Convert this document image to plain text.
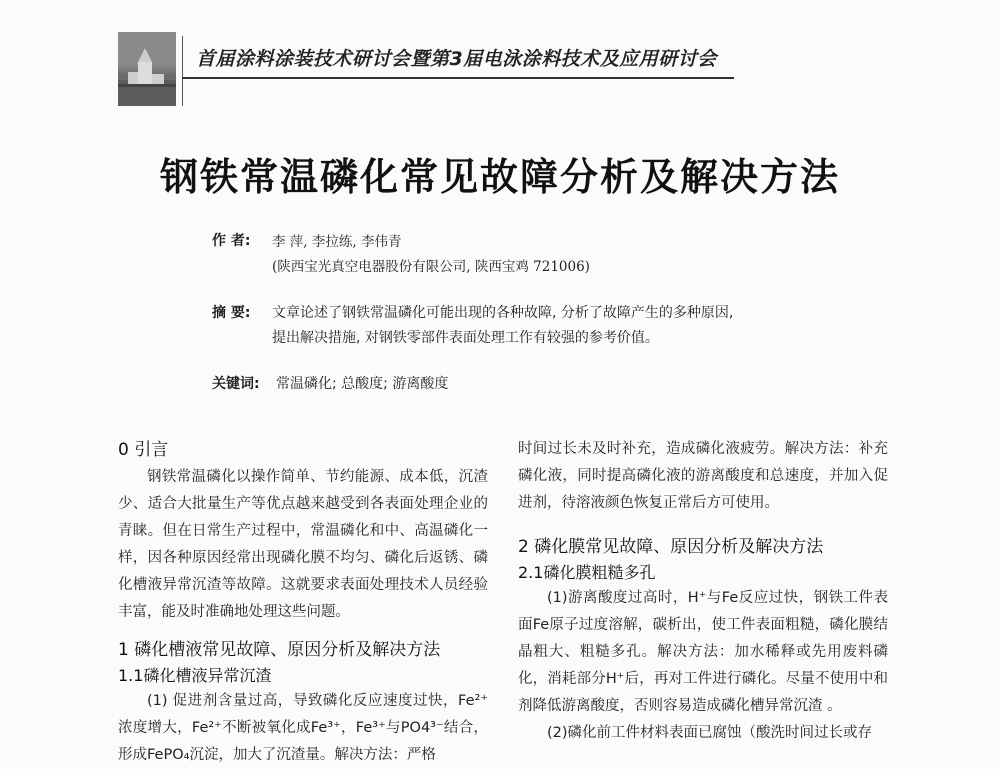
首届涂料涂装技术研讨会暨第3届电泳涂料技术及应用研讨会
钢铁常温磷化常见故障分析及解决方法
作 者: 李 萍, 李拉练, 李伟青
(陕西宝光真空电器股份有限公司, 陕西宝鸡 721006)
摘 要: 文章论述了钢铁常温磷化可能出现的各种故障, 分析了故障产生的多种原因,
提出解决措施, 对钢铁零部件表面处理工作有较强的参考价值。
关键词: 常温磷化; 总酸度; 游离酸度
0 引言

钢铁常温磷化以操作简单、节约能源、成本低，沉渣少、适合大批量生产等优点越来越受到各表面处理企业的青睐。但在日常生产过程中，常温磷化和中、高温磷化一样，因各种原因经常出现磷化膜不均匀、磷化后返锈、磷化槽液异常沉渣等故障。这就要求表面处理技术人员经验丰富，能及时准确地处理这些问题。

1 磷化槽液常见故障、原因分析及解决方法
1.1磷化槽液异常沉渣

(1) 促进剂含量过高，导致磷化反应速度过快，Fe²⁺浓度增大，Fe²⁺不断被氧化成Fe³⁺，Fe³⁺与PO4³⁻结合，形成FePO₄沉淀，加大了沉渣量。解决方法：严格

时间过长未及时补充，造成磷化液疲劳。解决方法：补充磷化液，同时提高磷化液的游离酸度和总速度，并加入促进剂，待溶液颜色恢复正常后方可使用。

2 磷化膜常见故障、原因分析及解决方法
2.1磷化膜粗糙多孔

(1)游离酸度过高时，H⁺与Fe反应过快，钢铁工件表面Fe原子过度溶解，碳析出，使工件表面粗糙，磷化膜结晶粗大、粗糙多孔。解决方法：加水稀释或先用废料磷化，消耗部分H⁺后，再对工件进行磷化。尽量不使用中和剂降低游离酸度，否则容易造成磷化槽异常沉渣 。

(2)磷化前工件材料表面已腐蚀（酸洗时间过长或存
